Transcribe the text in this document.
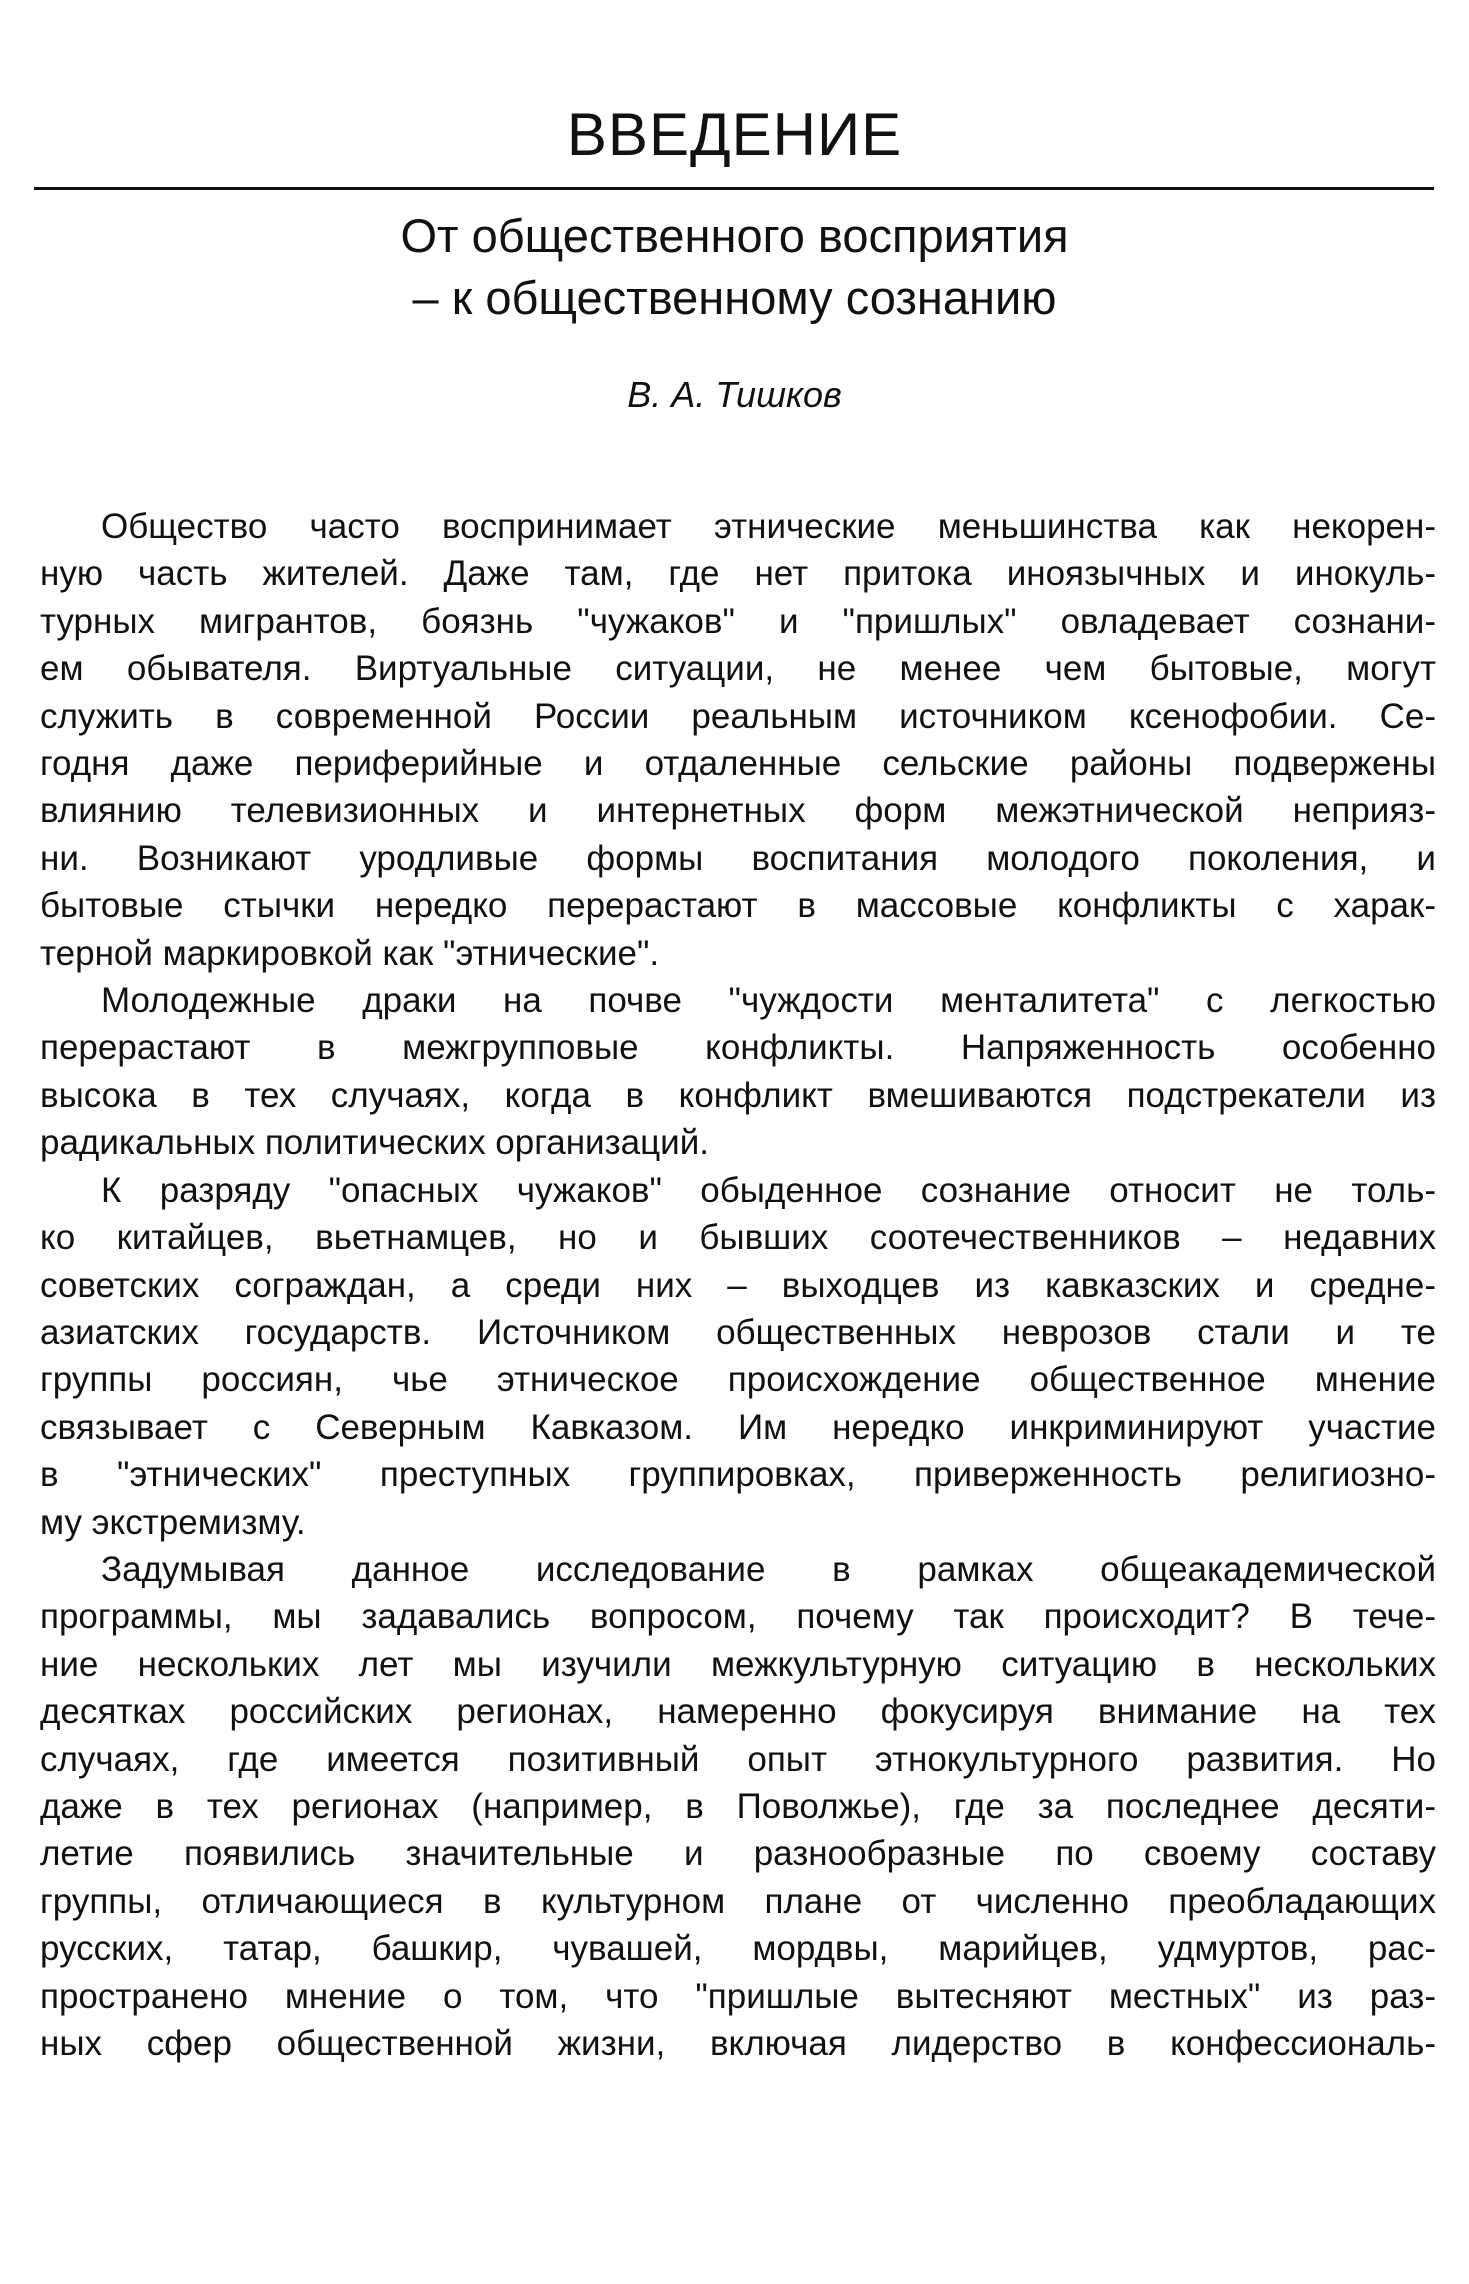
ВВЕДЕНИЕ
От общественного восприятия
– к общественному сознанию
В. А. Тишков

Общество часто воспринимает этнические меньшинства как некорен-
ную часть жителей. Даже там, где нет притока иноязычных и инокуль-
турных мигрантов, боязнь "чужаков" и "пришлых" овладевает сознани-
ем обывателя. Виртуальные ситуации, не менее чем бытовые, могут
служить в современной России реальным источником ксенофобии. Се-
годня даже периферийные и отдаленные сельские районы подвержены
влиянию телевизионных и интернетных форм межэтнической неприяз-
ни. Возникают уродливые формы воспитания молодого поколения, и
бытовые стычки нередко перерастают в массовые конфликты с харак-
терной маркировкой как "этнические".

Молодежные драки на почве "чуждости менталитета" с легкостью
перерастают в межгрупповые конфликты. Напряженность особенно
высока в тех случаях, когда в конфликт вмешиваются подстрекатели из
радикальных политических организаций.

К разряду "опасных чужаков" обыденное сознание относит не толь-
ко китайцев, вьетнамцев, но и бывших соотечественников – недавних
советских сограждан, а среди них – выходцев из кавказских и средне-
азиатских государств. Источником общественных неврозов стали и те
группы россиян, чье этническое происхождение общественное мнение
связывает с Северным Кавказом. Им нередко инкриминируют участие
в "этнических" преступных группировках, приверженность религиозно-
му экстремизму.

Задумывая данное исследование в рамках общеакадемической
программы, мы задавались вопросом, почему так происходит? В тече-
ние нескольких лет мы изучили межкультурную ситуацию в нескольких
десятках российских регионах, намеренно фокусируя внимание на тех
случаях, где имеется позитивный опыт этнокультурного развития. Но
даже в тех регионах (например, в Поволжье), где за последнее десяти-
летие появились значительные и разнообразные по своему составу
группы, отличающиеся в культурном плане от численно преобладающих
русских, татар, башкир, чувашей, мордвы, марийцев, удмуртов, рас-
пространено мнение о том, что "пришлые вытесняют местных" из раз-
ных сфер общественной жизни, включая лидерство в конфессиональ-
